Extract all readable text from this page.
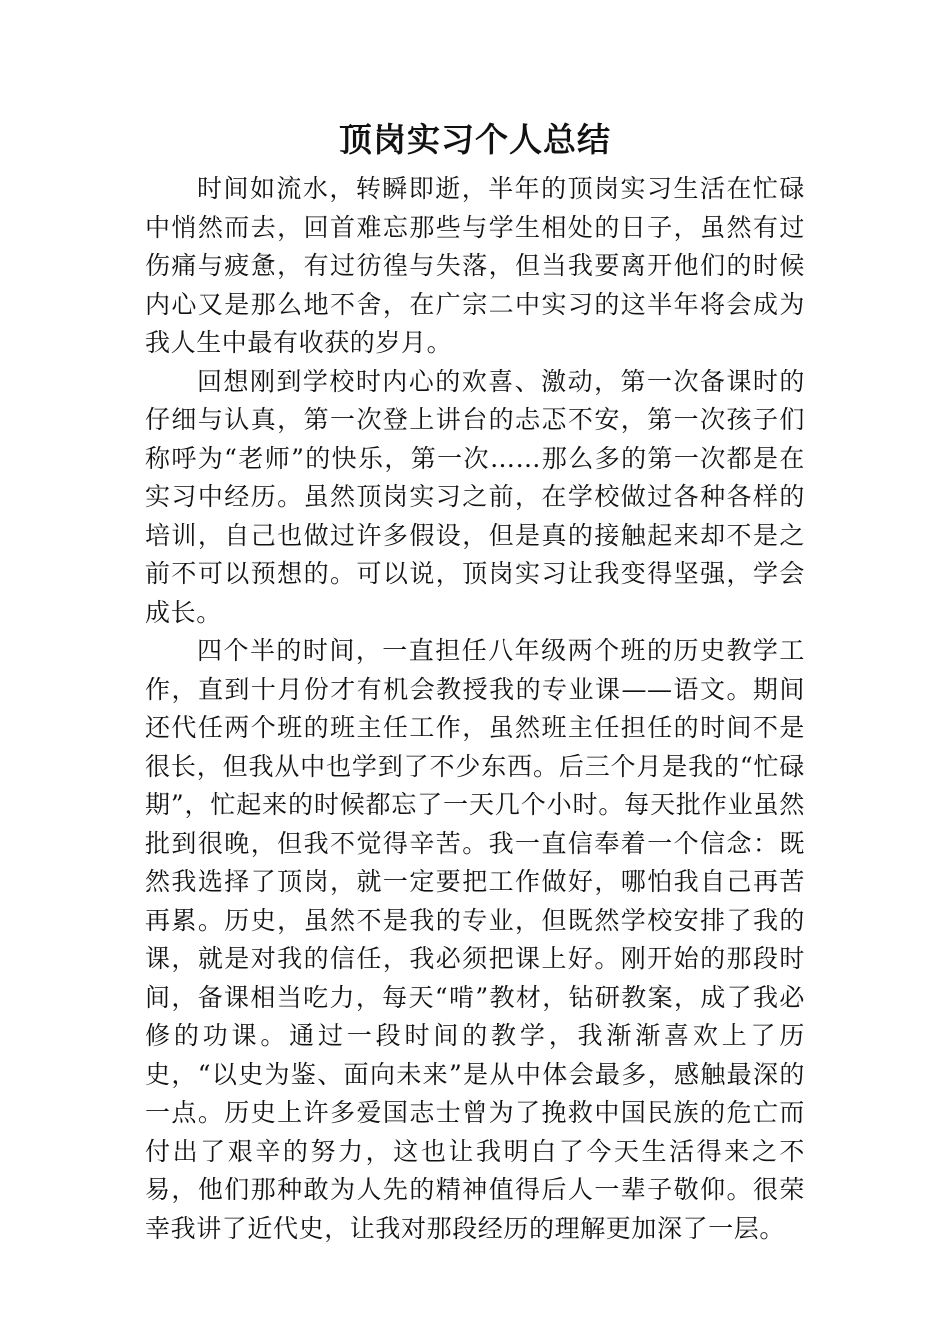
顶岗实习个人总结

时间如流水，转瞬即逝，半年的顶岗实习生活在忙碌中悄然而去，回首难忘那些与学生相处的日子，虽然有过伤痛与疲惫，有过彷徨与失落，但当我要离开他们的时候内心又是那么地不舍，在广宗二中实习的这半年将会成为我人生中最有收获的岁月。

回想刚到学校时内心的欢喜、激动，第一次备课时的仔细与认真，第一次登上讲台的忐忑不安，第一次孩子们称呼为“老师”的快乐，第一次……那么多的第一次都是在实习中经历。虽然顶岗实习之前，在学校做过各种各样的培训，自己也做过许多假设，但是真的接触起来却不是之前不可以预想的。可以说，顶岗实习让我变得坚强，学会成长。

四个半的时间，一直担任八年级两个班的历史教学工作，直到十月份才有机会教授我的专业课——语文。期间还代任两个班的班主任工作，虽然班主任担任的时间不是很长，但我从中也学到了不少东西。后三个月是我的“忙碌期”，忙起来的时候都忘了一天几个小时。每天批作业虽然批到很晚，但我不觉得辛苦。我一直信奉着一个信念：既然我选择了顶岗，就一定要把工作做好，哪怕我自己再苦再累。历史，虽然不是我的专业，但既然学校安排了我的课，就是对我的信任，我必须把课上好。刚开始的那段时间，备课相当吃力，每天“啃”教材，钻研教案，成了我必修的功课。通过一段时间的教学，我渐渐喜欢上了历史，“以史为鉴、面向未来”是从中体会最多，感触最深的一点。历史上许多爱国志士曾为了挽救中国民族的危亡而付出了艰辛的努力，这也让我明白了今天生活得来之不易，他们那种敢为人先的精神值得后人一辈子敬仰。很荣幸我讲了近代史，让我对那段经历的理解更加深了一层。
